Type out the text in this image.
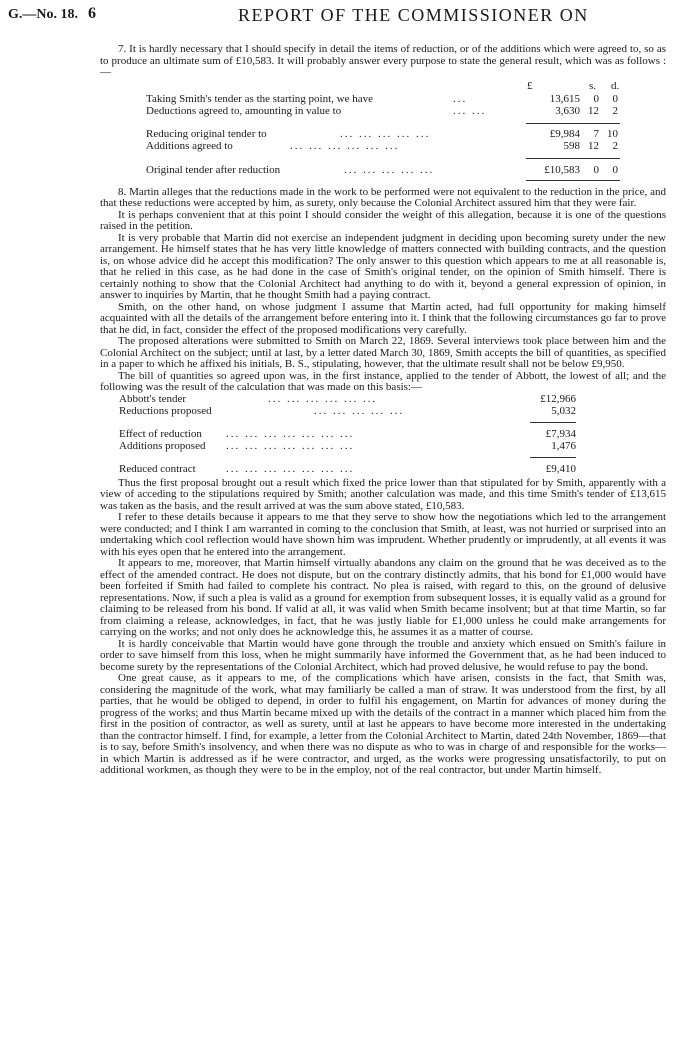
G.—No. 18. 6	REPORT OF THE COMMISSIONER ON

7. It is hardly necessary that I should specify in detail the items of reduction, or of the additions which were agreed to, so as to produce an ultimate sum of £10,583. It will probably answer every purpose to state the general result, which was as follows :—

£	s. d.
Taking Smith's tender as the starting point, we have	...	13,615	0	0
Deductions agreed to, amounting in value to	... ...	3,630 12	2
Reducing original tender to	... ... ... ... ...	£9,984	7 10
Additions agreed to	... ... ... ... ... ...	598 12	2
Original tender after reduction	... ... ... ... ...	£10,583	0	0

8. Martin alleges that the reductions made in the work to be performed were not equivalent to the reduction in the price, and that these reductions were accepted by him, as surety, only because the Colonial Architect assured him that they were fair.

It is perhaps convenient that at this point I should consider the weight of this allegation, because it is one of the questions raised in the petition.

It is very probable that Martin did not exercise an independent judgment in deciding upon becoming surety under the new arrangement. He himself states that he has very little knowledge of matters connected with building contracts, and the question is, on whose advice did he accept this modification? The only answer to this question which appears to me at all reasonable is, that he relied in this case, as he had done in the case of Smith's original tender, on the opinion of Smith himself. There is certainly nothing to show that the Colonial Architect had anything to do with it, beyond a general expression of opinion, in answer to inquiries by Martin, that he thought Smith had a paying contract.

Smith, on the other hand, on whose judgment I assume that Martin acted, had full opportunity for making himself acquainted with all the details of the arrangement before entering into it. I think that the following circumstances go far to prove that he did, in fact, consider the effect of the proposed modifications very carefully.

The proposed alterations were submitted to Smith on March 22, 1869. Several interviews took place between him and the Colonial Architect on the subject; until at last, by a letter dated March 30, 1869, Smith accepts the bill of quantities, as specified in a paper to which he affixed his initials, B. S., stipulating, however, that the ultimate result shall not be below £9,950.

The bill of quantities so agreed upon was, in the first instance, applied to the tender of Abbott, the lowest of all; and the following was the result of the calculation that was made on this basis:—

Abbott's tender	... ... ... ... ... ...	£12,966
Reductions proposed	... ... ... ... ...	5,032
Effect of reduction ... ... ... ... ... ... ...	£7,934
Additions proposed ... ... ... ... ... ... ...	1,476
Reduced contract	... ... ... ... ... ... ...	£9,410

Thus the first proposal brought out a result which fixed the price lower than that stipulated for by Smith, apparently with a view of acceding to the stipulations required by Smith; another calculation was made, and this time Smith's tender of £13,615 was taken as the basis, and the result arrived at was the sum above stated, £10,583.

I refer to these details because it appears to me that they serve to show how the negotiations which led to the arrangement were conducted; and I think I am warranted in coming to the conclusion that Smith, at least, was not hurried or surprised into an undertaking which cool reflection would have shown him was imprudent. Whether prudently or imprudently, at all events it was with his eyes open that he entered into the arrangement.

It appears to me, moreover, that Martin himself virtually abandons any claim on the ground that he was deceived as to the effect of the amended contract. He does not dispute, but on the contrary distinctly admits, that his bond for £1,000 would have been forfeited if Smith had failed to complete his contract. No plea is raised, with regard to this, on the ground of delusive representations. Now, if such a plea is valid as a ground for exemption from subsequent losses, it is equally valid as a ground for claiming to be released from his bond. If valid at all, it was valid when Smith became insolvent; but at that time Martin, so far from claiming a release, acknowledges, in fact, that he was justly liable for £1,000 unless he could make arrangements for carrying on the works; and not only does he acknowledge this, he assumes it as a matter of course.

It is hardly conceivable that Martin would have gone through the trouble and anxiety which ensued on Smith's failure in order to save himself from this loss, when he might summarily have informed the Government that, as he had been induced to become surety by the representations of the Colonial Architect, which had proved delusive, he would refuse to pay the bond.

One great cause, as it appears to me, of the complications which have arisen, consists in the fact, that Smith was, considering the magnitude of the work, what may familiarly be called a man of straw. It was understood from the first, by all parties, that he would be obliged to depend, in order to fulfil his engagement, on Martin for advances of money during the progress of the works; and thus Martin became mixed up with the details of the contract in a manner which placed him from the first in the position of contractor, as well as surety, until at last he appears to have become more interested in the undertaking than the contractor himself. I find, for example, a letter from the Colonial Architect to Martin, dated 24th November, 1869—that is to say, before Smith's insolvency, and when there was no dispute as who to was in charge of and responsible for the works—in which Martin is addressed as if he were contractor, and urged, as the works were progressing unsatisfactorily, to put on additional workmen, as though they were to be in the employ, not of the real contractor, but under Martin himself.
